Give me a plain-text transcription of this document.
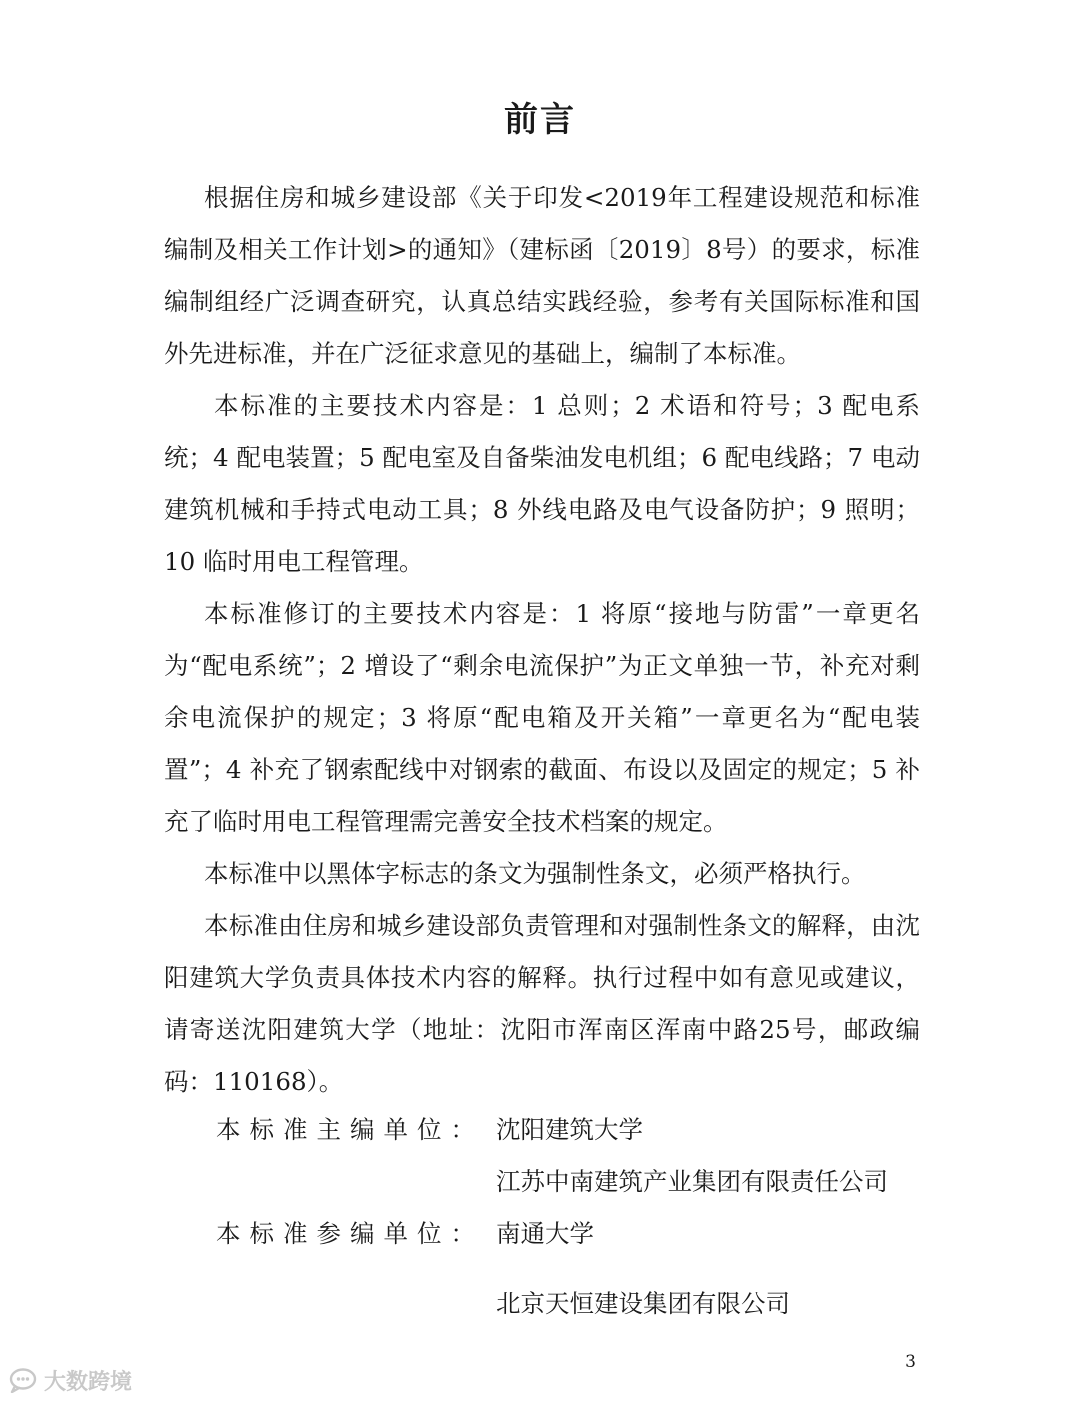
前言

根据住房和城乡建设部《关于印发<2019年工程建设规范和标准编制及相关工作计划>的通知》（建标函〔2019〕8号）的要求，标准编制组经广泛调查研究，认真总结实践经验，参考有关国际标准和国外先进标准，并在广泛征求意见的基础上，编制了本标准。

本标准的主要技术内容是：1 总则；2 术语和符号；3 配电系统；4 配电装置；5 配电室及自备柴油发电机组；6 配电线路；7 电动建筑机械和手持式电动工具；8 外线电路及电气设备防护；9 照明；10 临时用电工程管理。

本标准修订的主要技术内容是：1 将原“接地与防雷”一章更名为“配电系统”；2 增设了“剩余电流保护”为正文单独一节，补充对剩余电流保护的规定；3 将原“配电箱及开关箱”一章更名为“配电装置”；4 补充了钢索配线中对钢索的截面、布设以及固定的规定；5 补充了临时用电工程管理需完善安全技术档案的规定。

本标准中以黑体字标志的条文为强制性条文，必须严格执行。

本标准由住房和城乡建设部负责管理和对强制性条文的解释，由沈阳建筑大学负责具体技术内容的解释。执行过程中如有意见或建议，请寄送沈阳建筑大学（地址：沈阳市浑南区浑南中路25号，邮政编码：110168）。

本标准主编单位： 沈阳建筑大学
江苏中南建筑产业集团有限责任公司
本标准参编单位： 南通大学
北京天恒建设集团有限公司
3
大数跨境
